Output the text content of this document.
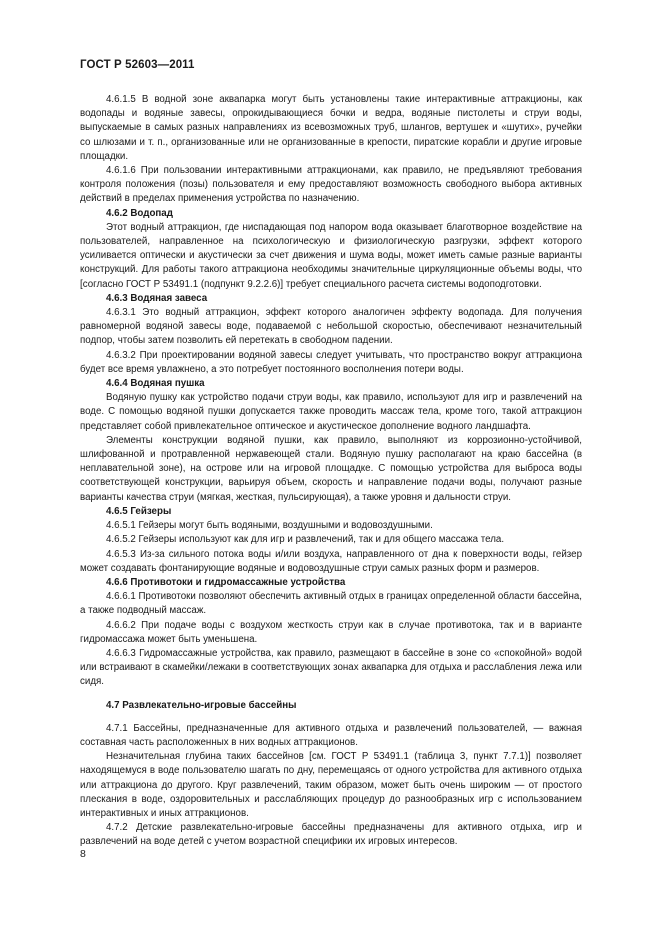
ГОСТ Р 52603—2011

4.6.1.5 В водной зоне аквапарка могут быть установлены такие интерактивные аттракционы, как водопады и водяные завесы, опрокидывающиеся бочки и ведра, водяные пистолеты и струи воды, выпускаемые в самых разных направлениях из всевозможных труб, шлангов, вертушек и «шутих», ручейки со шлюзами и т. п., организованные или не организованные в крепости, пиратские корабли и другие игровые площадки.

4.6.1.6 При пользовании интерактивными аттракционами, как правило, не предъявляют требования контроля положения (позы) пользователя и ему предоставляют возможность свободного выбора активных действий в пределах применения устройства по назначению.

4.6.2 Водопад

Этот водный аттракцион, где ниспадающая под напором вода оказывает благотворное воздействие на пользователей, направленное на психологическую и физиологическую разгрузки, эффект которого усиливается оптически и акустически за счет движения и шума воды, может иметь самые разные варианты конструкций. Для работы такого аттракциона необходимы значительные циркуляционные объемы воды, что [согласно ГОСТ Р 53491.1 (подпункт 9.2.2.6)] требует специального расчета системы водоподготовки.

4.6.3 Водяная завеса

4.6.3.1 Это водный аттракцион, эффект которого аналогичен эффекту водопада. Для получения равномерной водяной завесы воде, подаваемой с небольшой скоростью, обеспечивают незначительный подпор, чтобы затем позволить ей перетекать в свободном падении.

4.6.3.2 При проектировании водяной завесы следует учитывать, что пространство вокруг аттракциона будет все время увлажнено, а это потребует постоянного восполнения потери воды.

4.6.4 Водяная пушка

Водяную пушку как устройство подачи струи воды, как правило, используют для игр и развлечений на воде. С помощью водяной пушки допускается также проводить массаж тела, кроме того, такой аттракцион представляет собой привлекательное оптическое и акустическое дополнение водного ландшафта.

Элементы конструкции водяной пушки, как правило, выполняют из коррозионно-устойчивой, шлифованной и протравленной нержавеющей стали. Водяную пушку располагают на краю бассейна (в неплавательной зоне), на острове или на игровой площадке. С помощью устройства для выброса воды соответствующей конструкции, варьируя объем, скорость и направление подачи воды, получают разные варианты качества струи (мягкая, жесткая, пульсирующая), а также уровня и дальности струи.

4.6.5 Гейзеры

4.6.5.1 Гейзеры могут быть водяными, воздушными и водовоздушными.

4.6.5.2 Гейзеры используют как для игр и развлечений, так и для общего массажа тела.

4.6.5.3 Из-за сильного потока воды и/или воздуха, направленного от дна к поверхности воды, гейзер может создавать фонтанирующие водяные и водовоздушные струи самых разных форм и размеров.

4.6.6 Противотоки и гидромассажные устройства

4.6.6.1 Противотоки позволяют обеспечить активный отдых в границах определенной области бассейна, а также подводный массаж.

4.6.6.2 При подаче воды с воздухом жесткость струи как в случае противотока, так и в варианте гидромассажа может быть уменьшена.

4.6.6.3 Гидромассажные устройства, как правило, размещают в бассейне в зоне со «спокойной» водой или встраивают в скамейки/лежаки в соответствующих зонах аквапарка для отдыха и расслабления лежа или сидя.

4.7 Развлекательно-игровые бассейны

4.7.1 Бассейны, предназначенные для активного отдыха и развлечений пользователей, — важная составная часть расположенных в них водных аттракционов.

Незначительная глубина таких бассейнов [см. ГОСТ Р 53491.1 (таблица 3, пункт 7.7.1)] позволяет находящемуся в воде пользователю шагать по дну, перемещаясь от одного устройства для активного отдыха или аттракциона до другого. Круг развлечений, таким образом, может быть очень широким — от простого плескания в воде, оздоровительных и расслабляющих процедур до разнообразных игр с использованием интерактивных и иных аттракционов.

4.7.2 Детские развлекательно-игровые бассейны предназначены для активного отдыха, игр и развлечений на воде детей с учетом возрастной специфики их игровых интересов.

8
